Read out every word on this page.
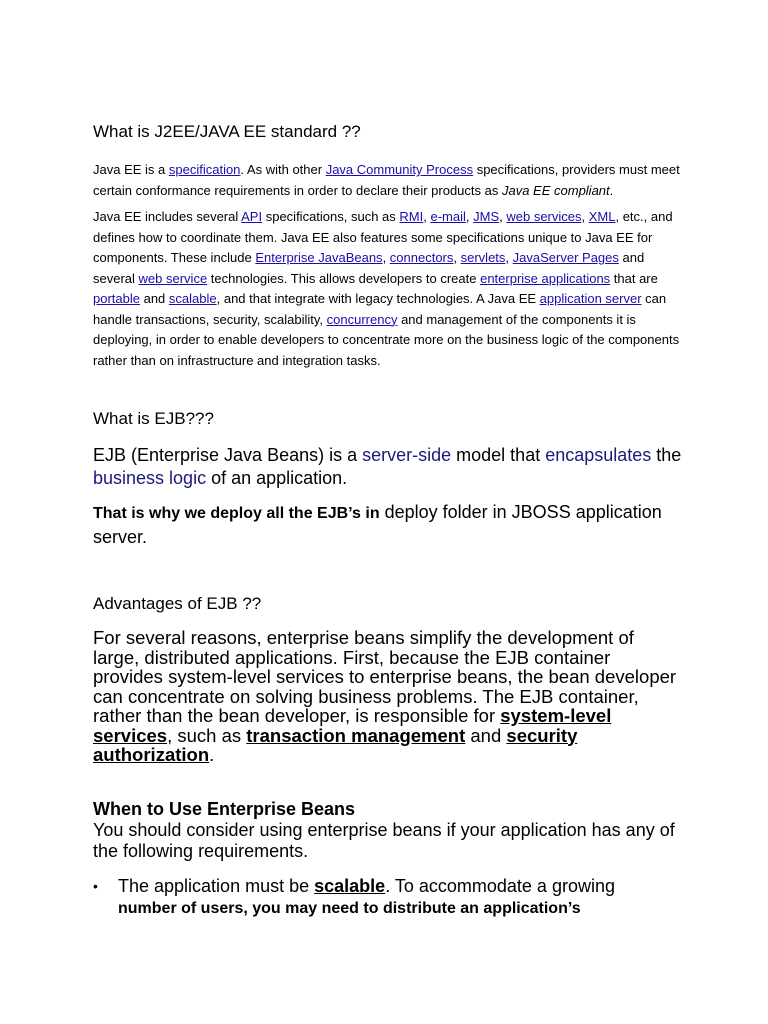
What is J2EE/JAVA EE standard ??
Java EE is a specification. As with other Java Community Process specifications, providers must meet certain conformance requirements in order to declare their products as Java EE compliant.
Java EE includes several API specifications, such as RMI, e-mail, JMS, web services, XML, etc., and defines how to coordinate them. Java EE also features some specifications unique to Java EE for components. These include Enterprise JavaBeans, connectors, servlets, JavaServer Pages and several web service technologies. This allows developers to create enterprise applications that are portable and scalable, and that integrate with legacy technologies. A Java EE application server can handle transactions, security, scalability, concurrency and management of the components it is deploying, in order to enable developers to concentrate more on the business logic of the components rather than on infrastructure and integration tasks.
What is EJB???
EJB (Enterprise Java Beans) is a server-side model that encapsulates the business logic of an application.
That is why we deploy all the EJB’s in deploy folder in JBOSS application server.
Advantages of EJB ??
For several reasons, enterprise beans simplify the development of large, distributed applications. First, because the EJB container provides system-level services to enterprise beans, the bean developer can concentrate on solving business problems. The EJB container, rather than the bean developer, is responsible for system-level services, such as transaction management and security authorization.
When to Use Enterprise Beans
You should consider using enterprise beans if your application has any of the following requirements.
• The application must be scalable. To accommodate a growing
number of users, you may need to distribute an application’s
